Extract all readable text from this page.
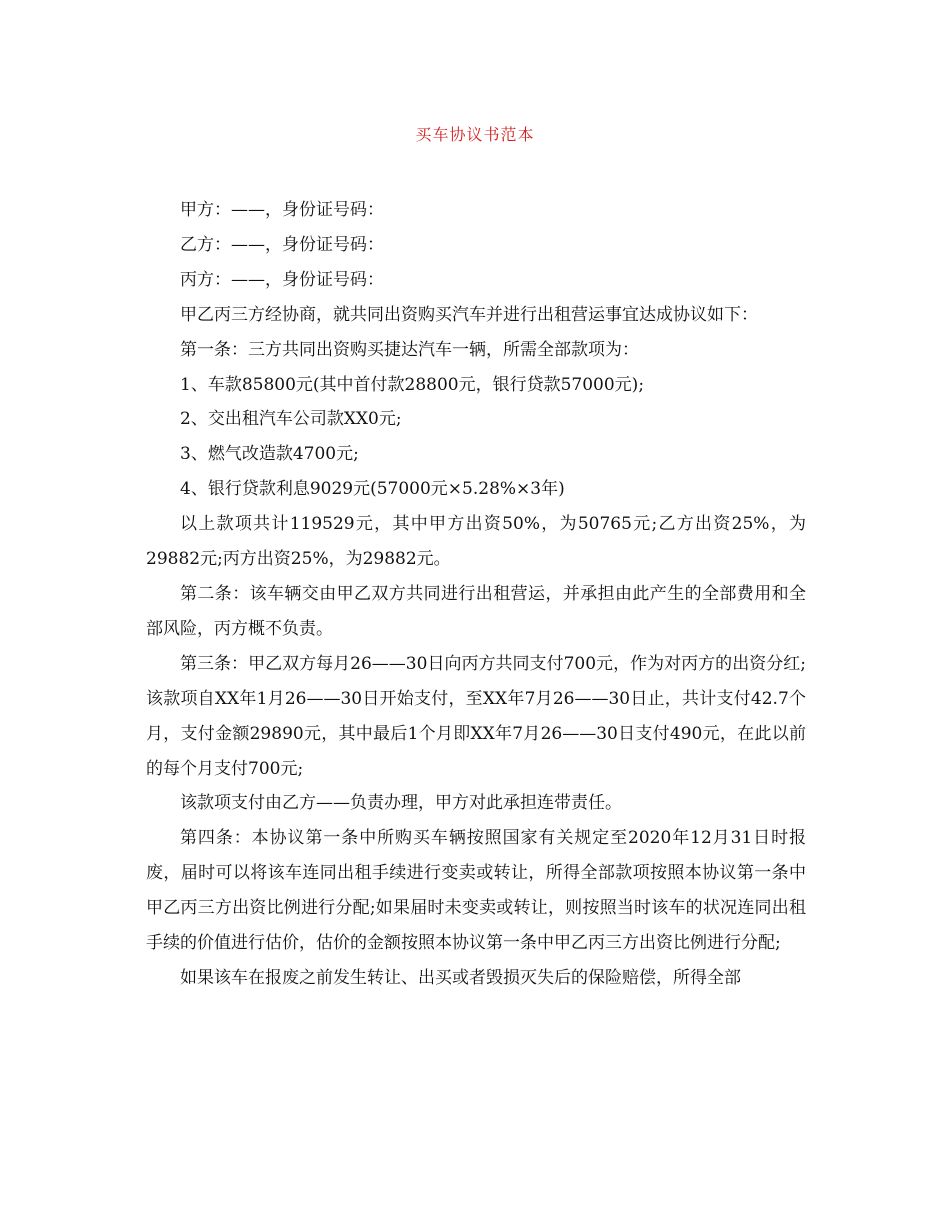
买车协议书范本

甲方：——，身份证号码：

乙方：——，身份证号码：

丙方：——，身份证号码：

甲乙丙三方经协商，就共同出资购买汽车并进行出租营运事宜达成协议如下：

第一条：三方共同出资购买捷达汽车一辆，所需全部款项为：

1、车款85800元(其中首付款28800元，银行贷款57000元);

2、交出租汽车公司款XX0元;

3、燃气改造款4700元;

4、银行贷款利息9029元(57000元×5.28%×3年)

以上款项共计119529元，其中甲方出资50%，为50765元;乙方出资25%，为29882元;丙方出资25%，为29882元。

第二条：该车辆交由甲乙双方共同进行出租营运，并承担由此产生的全部费用和全部风险，丙方概不负责。

第三条：甲乙双方每月26——30日向丙方共同支付700元，作为对丙方的出资分红;该款项自XX年1月26——30日开始支付，至XX年7月26——30日止，共计支付42.7个月，支付金额29890元，其中最后1个月即XX年7月26——30日支付490元，在此以前的每个月支付700元;

该款项支付由乙方——负责办理，甲方对此承担连带责任。

第四条：本协议第一条中所购买车辆按照国家有关规定至2020年12月31日时报废，届时可以将该车连同出租手续进行变卖或转让，所得全部款项按照本协议第一条中甲乙丙三方出资比例进行分配;如果届时未变卖或转让，则按照当时该车的状况连同出租手续的价值进行估价，估价的金额按照本协议第一条中甲乙丙三方出资比例进行分配;

如果该车在报废之前发生转让、出买或者毁损灭失后的保险赔偿，所得全部
